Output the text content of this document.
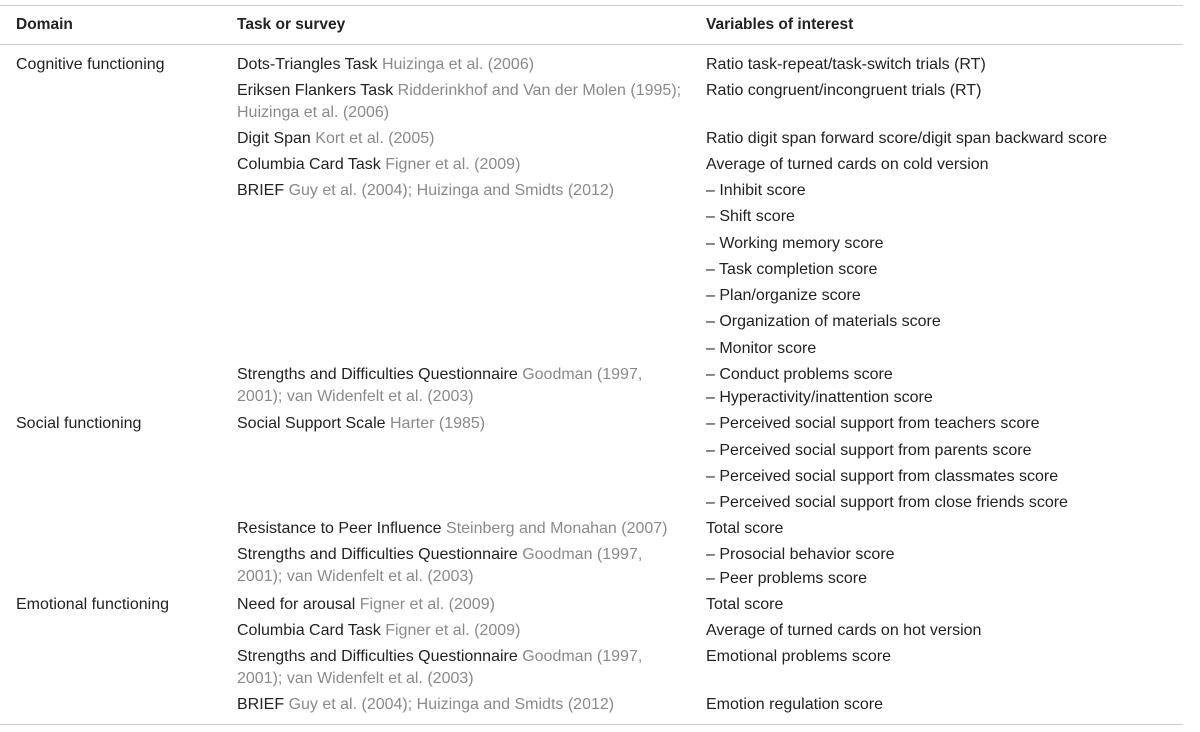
Domain	Task or survey	Variables of interest
Cognitive functioning
Social functioning
Emotional functioning
Dots-Triangles Task Huizinga et al. (2006)
Eriksen Flankers Task Ridderinkhof and Van der Molen (1995);
Huizinga et al. (2006)
Digit Span Kort et al. (2005)
Columbia Card Task Figner et al. (2009)
BRIEF Guy et al. (2004); Huizinga and Smidts (2012)
Strengths and Difficulties Questionnaire Goodman (1997,
2001); van Widenfelt et al. (2003)
Social Support Scale Harter (1985)
Resistance to Peer Influence Steinberg and Monahan (2007)
Strengths and Difficulties Questionnaire Goodman (1997,
2001); van Widenfelt et al. (2003)
Need for arousal Figner et al. (2009)
Columbia Card Task Figner et al. (2009)
Strengths and Difficulties Questionnaire Goodman (1997,
2001); van Widenfelt et al. (2003)
BRIEF Guy et al. (2004); Huizinga and Smidts (2012)
Ratio task-repeat/task-switch trials (RT)
Ratio congruent/incongruent trials (RT)
Ratio digit span forward score/digit span backward score
Average of turned cards on cold version
– Inhibit score
– Shift score
– Working memory score
– Task completion score
– Plan/organize score
– Organization of materials score
– Monitor score
– Conduct problems score
– Hyperactivity/inattention score
– Perceived social support from teachers score
– Perceived social support from parents score
– Perceived social support from classmates score
– Perceived social support from close friends score
Total score
– Prosocial behavior score
– Peer problems score
Total score
Average of turned cards on hot version
Emotional problems score
Emotion regulation score
